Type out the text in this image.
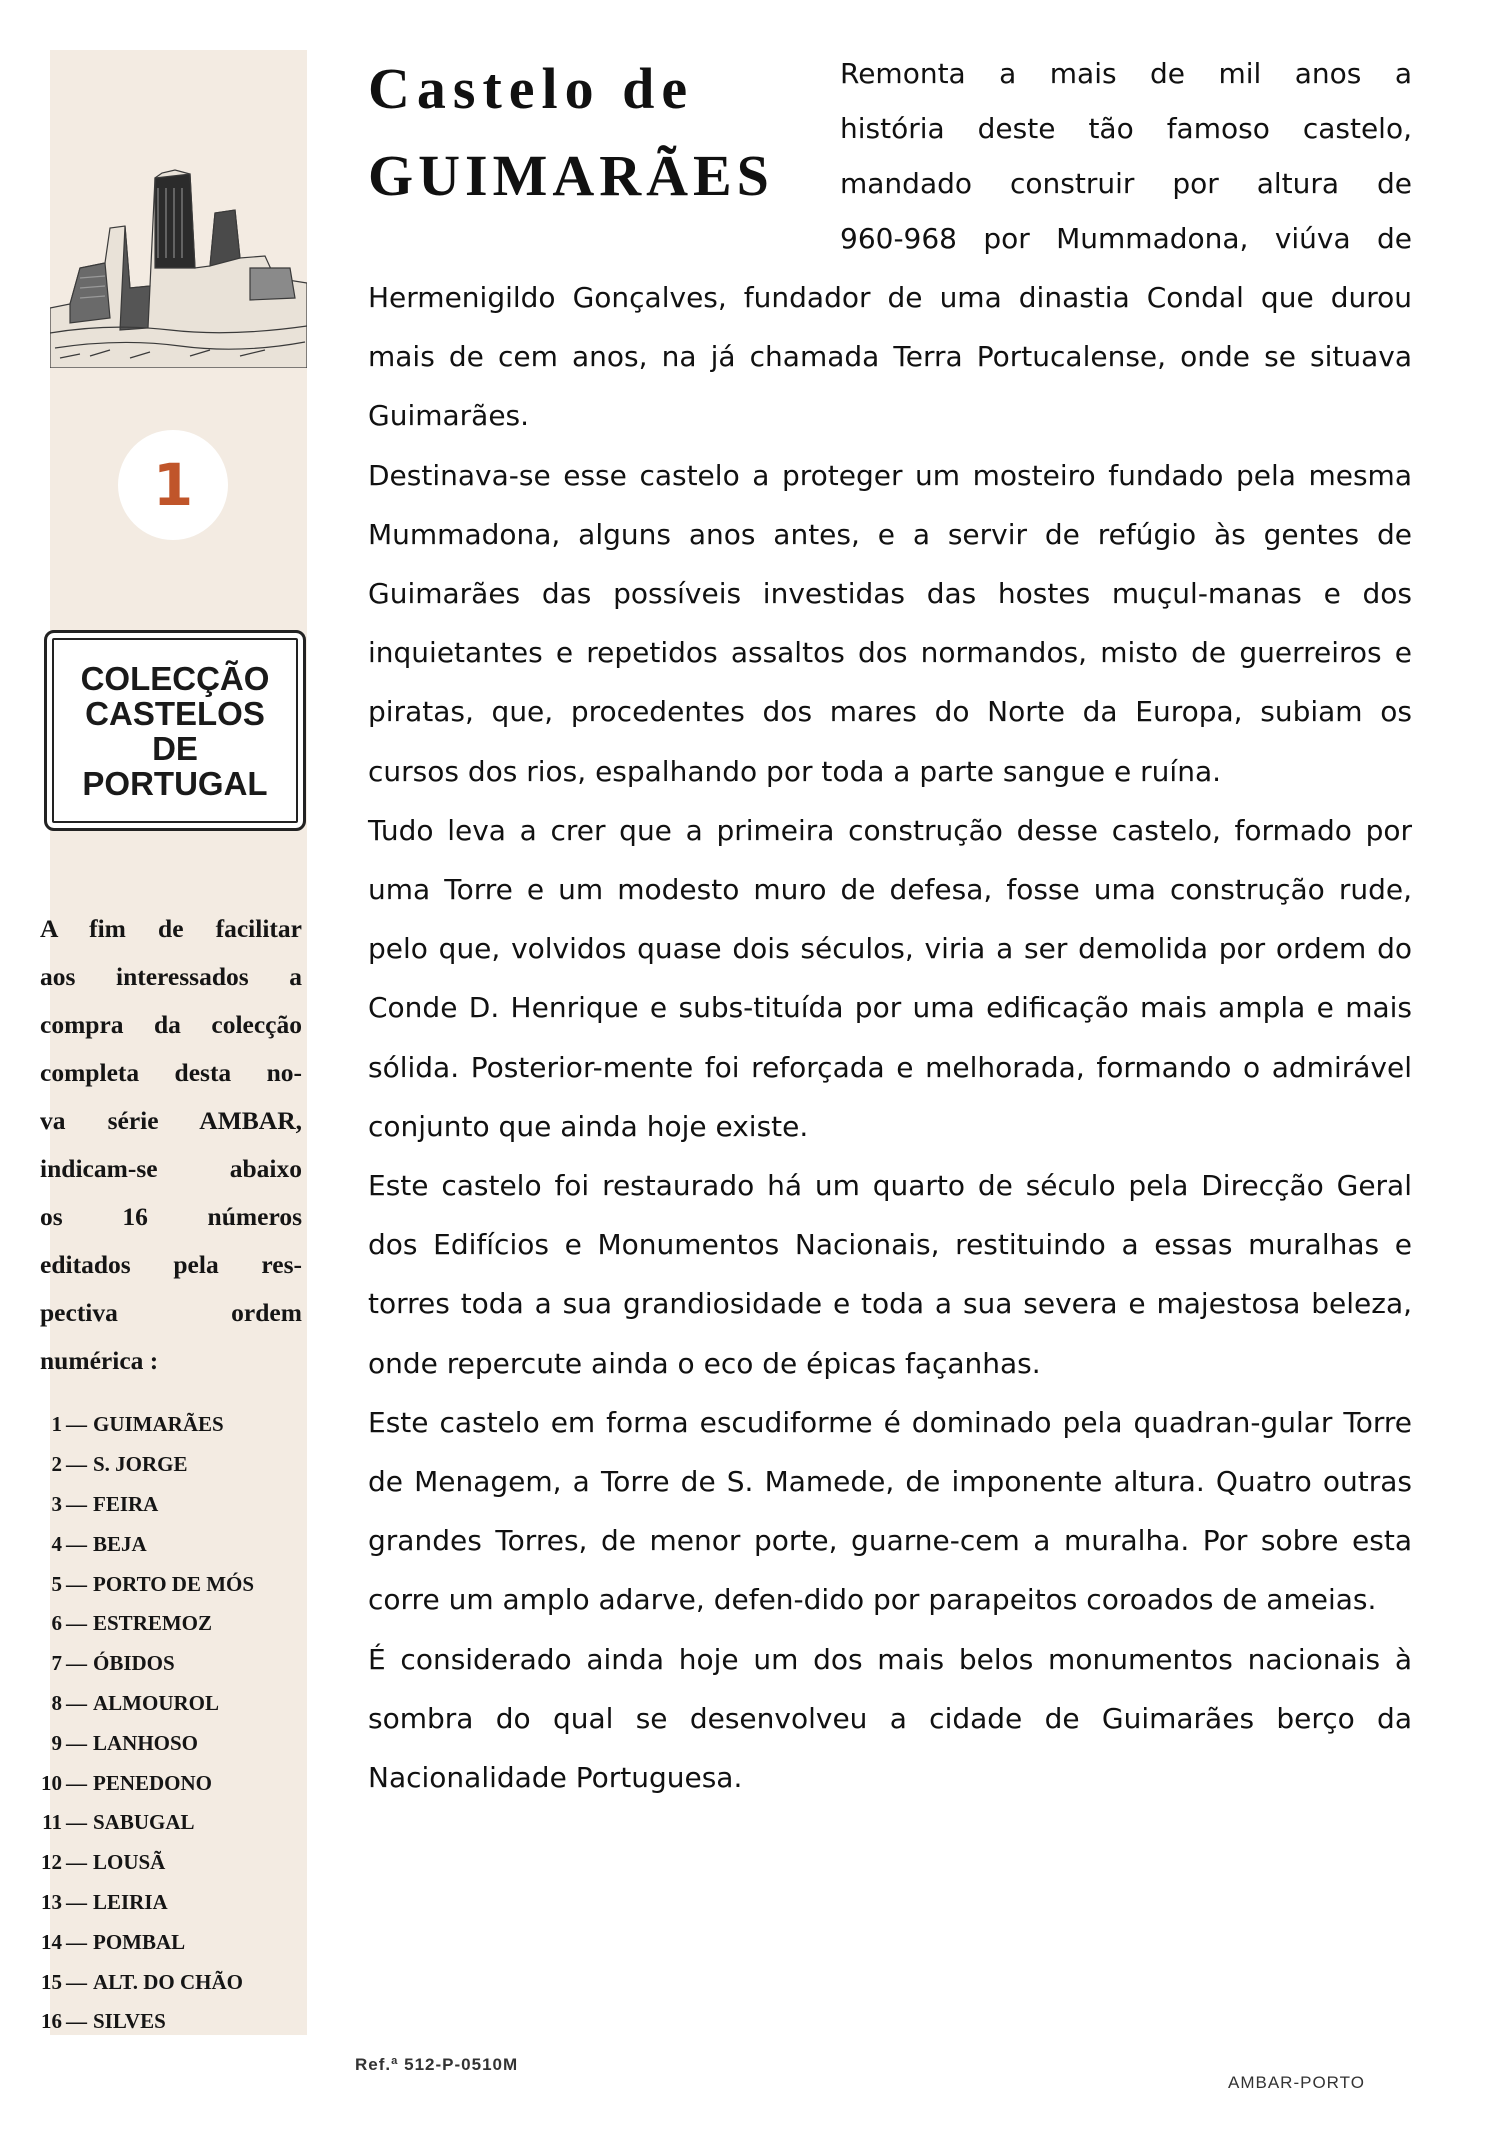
1
COLECÇÃO
CASTELOS
DE
PORTUGAL
A fim de facilitar
aos interessados a
compra da colecção
completa desta no-
va série AMBAR,
indicam-se abaixo
os 16 números
editados pela res-
pectiva ordem
numérica :
1 — GUIMARÃES
2 — S. JORGE
3 — FEIRA
4 — BEJA
5 — PORTO DE MÓS
6 — ESTREMOZ
7 — ÓBIDOS
8 — ALMOUROL
9 — LANHOSO
10 — PENEDONO
11 — SABUGAL
12 — LOUSÃ
13 — LEIRIA
14 — POMBAL
15 — ALT. DO CHÃO
16 — SILVES
Castelo de
GUIMARÃES
Remonta a mais de mil anos a
história deste tão famoso castelo,
mandado construir por altura de
960-968 por Mummadona, viúva de

Hermenigildo Gonçalves, fundador de uma dinastia Condal que durou mais de cem anos, na já chamada Terra Portucalense, onde se situava Guimarães.

Destinava-se esse castelo a proteger um mosteiro fundado pela mesma Mummadona, alguns anos antes, e a servir de refúgio às gentes de Guimarães das possíveis investidas das hostes muçul-manas e dos inquietantes e repetidos assaltos dos normandos, misto de guerreiros e piratas, que, procedentes dos mares do Norte da Europa, subiam os cursos dos rios, espalhando por toda a parte sangue e ruína.

Tudo leva a crer que a primeira construção desse castelo, formado por uma Torre e um modesto muro de defesa, fosse uma construção rude, pelo que, volvidos quase dois séculos, viria a ser demolida por ordem do Conde D. Henrique e subs-tituída por uma edificação mais ampla e mais sólida. Posterior-mente foi reforçada e melhorada, formando o admirável conjunto que ainda hoje existe.

Este castelo foi restaurado há um quarto de século pela Direcção Geral dos Edifícios e Monumentos Nacionais, restituindo a essas muralhas e torres toda a sua grandiosidade e toda a sua severa e majestosa beleza, onde repercute ainda o eco de épicas façanhas.

Este castelo em forma escudiforme é dominado pela quadran-gular Torre de Menagem, a Torre de S. Mamede, de imponente altura. Quatro outras grandes Torres, de menor porte, guarne-cem a muralha. Por sobre esta corre um amplo adarve, defen-dido por parapeitos coroados de ameias.

É considerado ainda hoje um dos mais belos monumentos nacionais à sombra do qual se desenvolveu a cidade de Guimarães berço da Nacionalidade Portuguesa.

Ref.ª 512-P-0510M
AMBAR-PORTO
